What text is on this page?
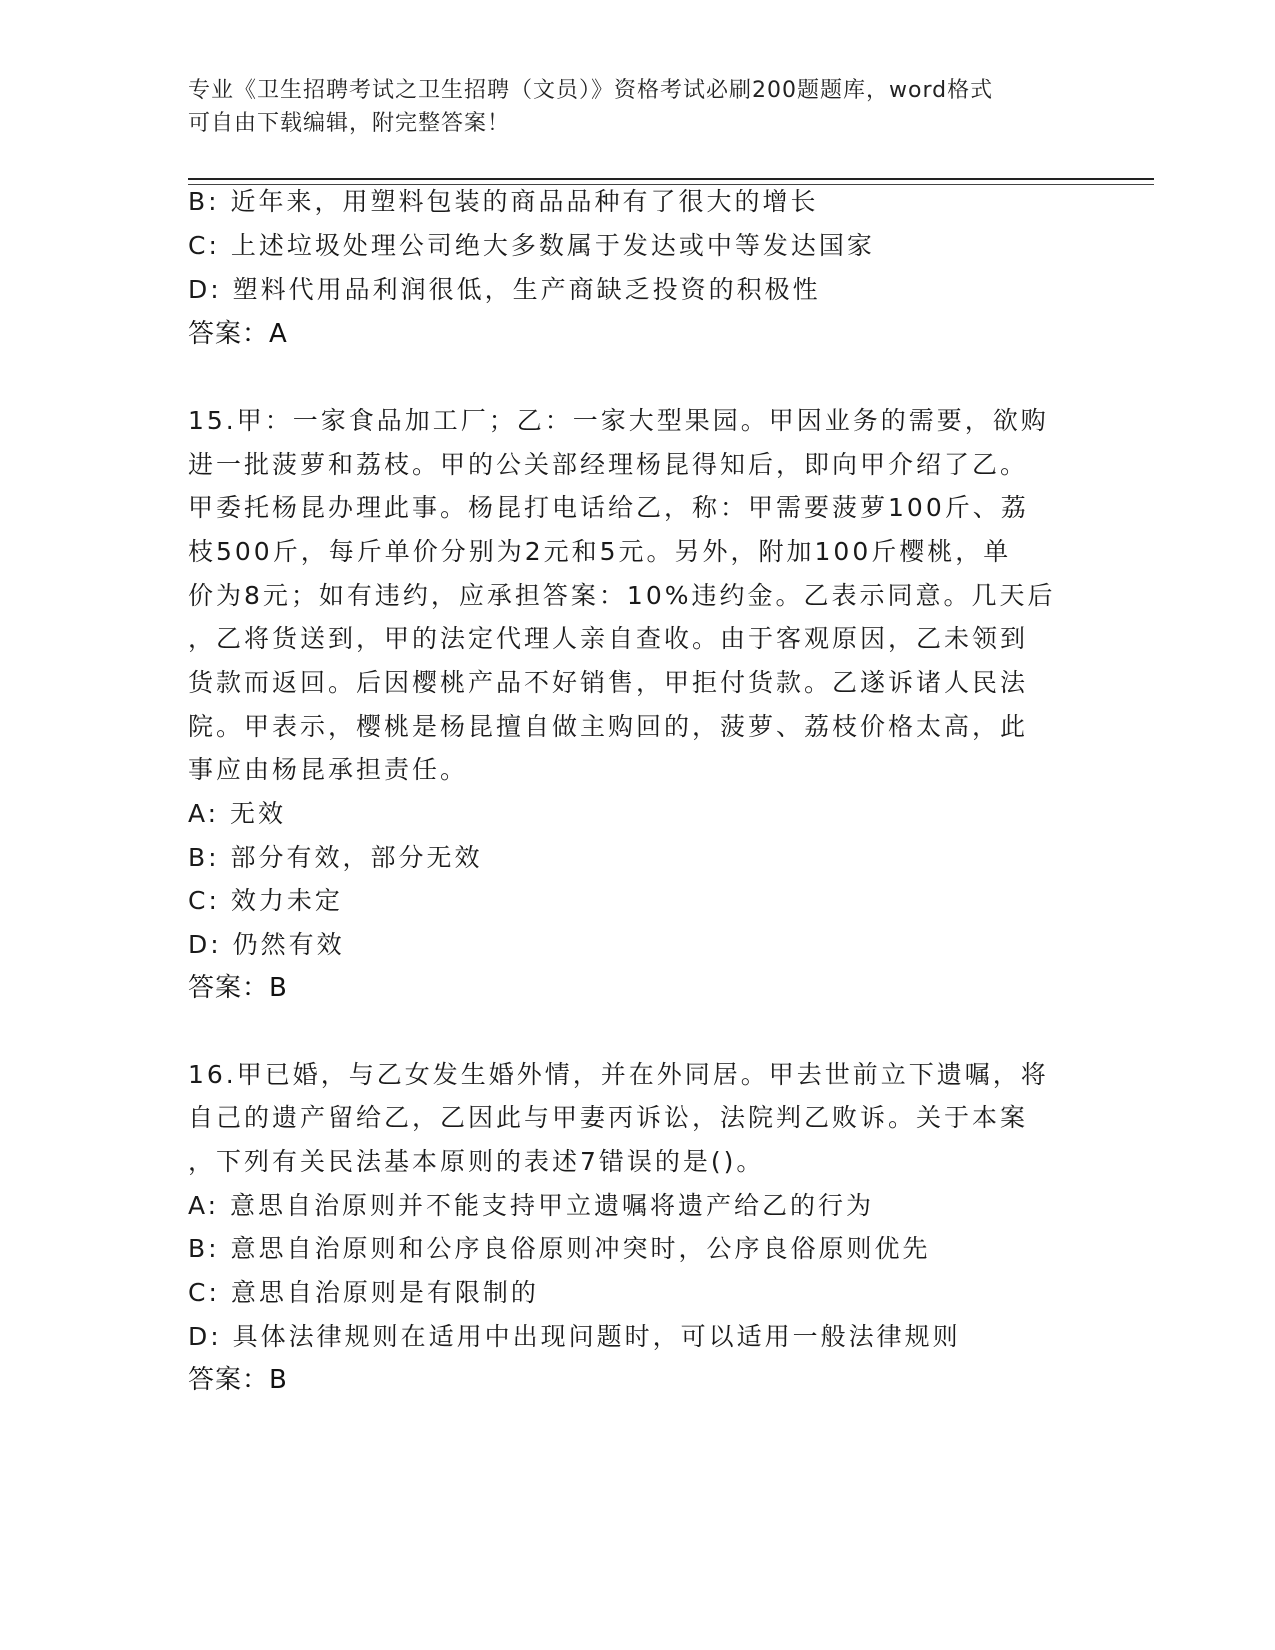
专业《卫生招聘考试之卫生招聘（文员）》资格考试必刷200题题库，word格式
可自由下载编辑，附完整答案！
B: 近年来，用塑料包装的商品品种有了很大的增长
C: 上述垃圾处理公司绝大多数属于发达或中等发达国家
D: 塑料代用品利润很低，生产商缺乏投资的积极性
答案：A
15.甲：一家食品加工厂；乙：一家大型果园。甲因业务的需要，欲购
进一批菠萝和荔枝。甲的公关部经理杨昆得知后，即向甲介绍了乙。
甲委托杨昆办理此事。杨昆打电话给乙，称：甲需要菠萝100斤、荔
枝500斤，每斤单价分别为2元和5元。另外，附加100斤樱桃，单
价为8元；如有违约，应承担答案：10%违约金。乙表示同意。几天后
，乙将货送到，甲的法定代理人亲自查收。由于客观原因，乙未领到
货款而返回。后因樱桃产品不好销售，甲拒付货款。乙遂诉诸人民法
院。甲表示，樱桃是杨昆擅自做主购回的，菠萝、荔枝价格太高，此
事应由杨昆承担责任。
A: 无效
B: 部分有效，部分无效
C: 效力未定
D: 仍然有效
答案：B
16.甲已婚，与乙女发生婚外情，并在外同居。甲去世前立下遗嘱，将
自己的遗产留给乙，乙因此与甲妻丙诉讼，法院判乙败诉。关于本案
，下列有关民法基本原则的表述7错误的是()。
A: 意思自治原则并不能支持甲立遗嘱将遗产给乙的行为
B: 意思自治原则和公序良俗原则冲突时，公序良俗原则优先
C: 意思自治原则是有限制的
D: 具体法律规则在适用中出现问题时，可以适用一般法律规则
答案：B
